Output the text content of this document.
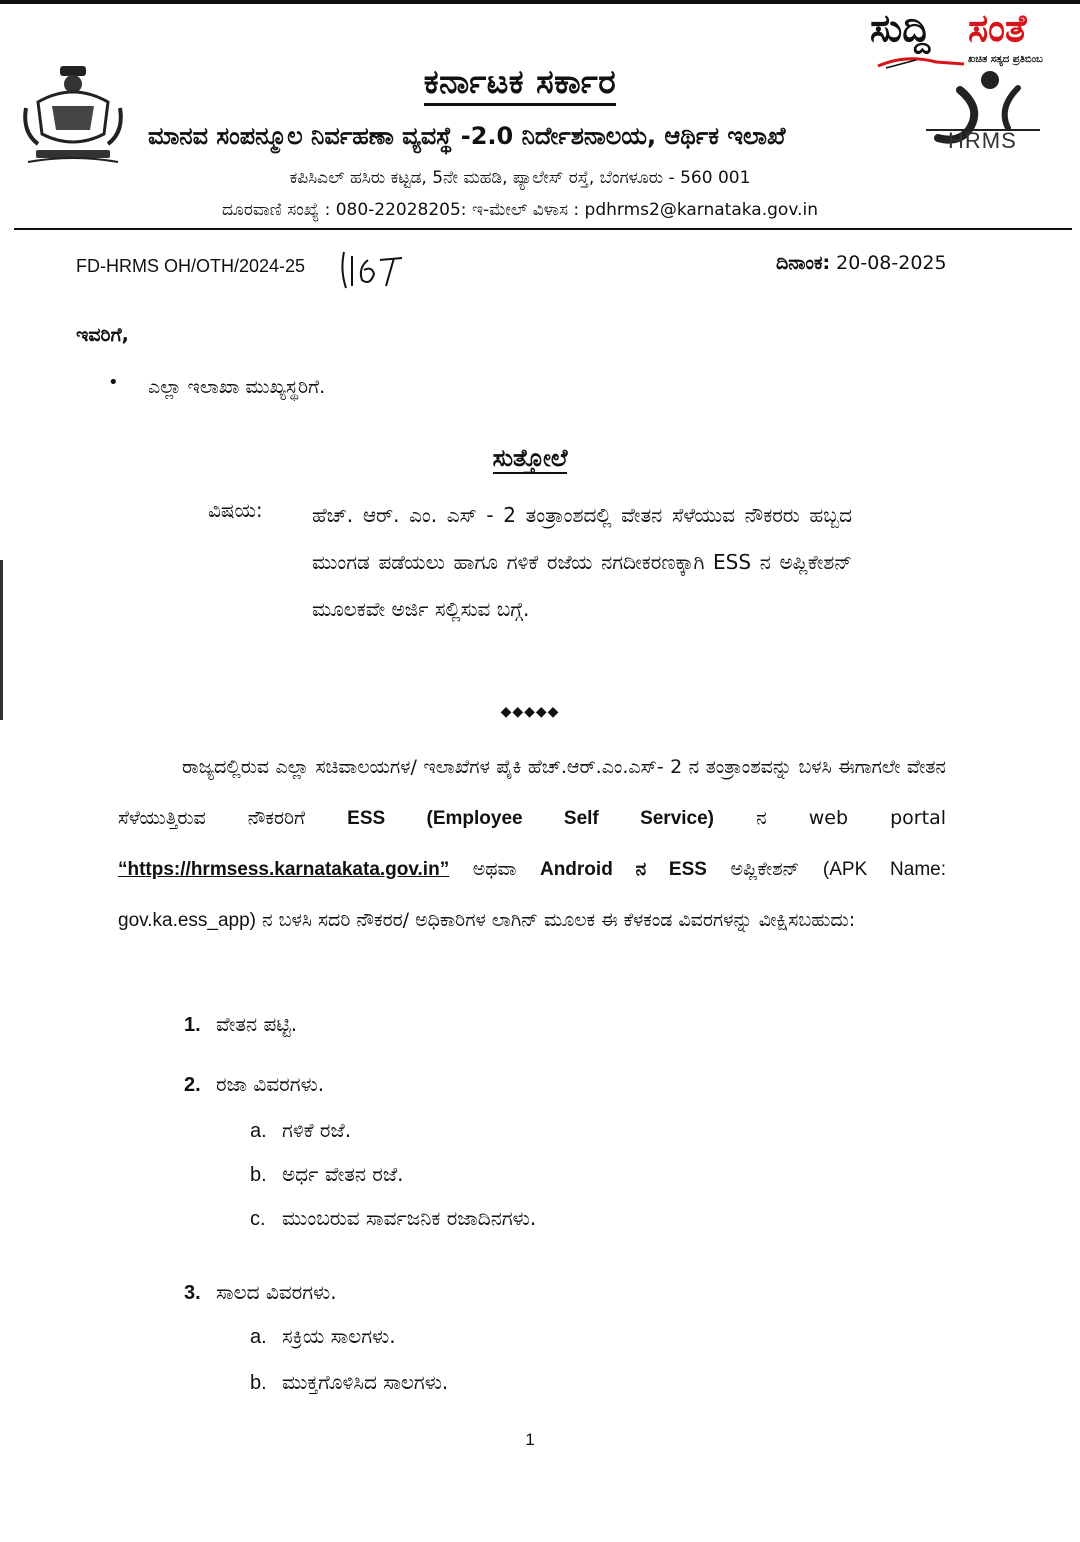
ಸುದ್ದಿ ಸಂತೆ
ಖಚಿತ ಸತ್ಯದ ಪ್ರತಿಬಿಂಬ
ಕರ್ನಾಟಕ ಸರ್ಕಾರ
ಮಾನವ ಸಂಪನ್ಮೂಲ ನಿರ್ವಹಣಾ ವ್ಯವಸ್ಥೆ -2.0 ನಿರ್ದೇಶನಾಲಯ, ಆರ್ಥಿಕ ಇಲಾಖೆ	HRMS
ಕಪಿಸಿಎಲ್ ಹಸಿರು ಕಟ್ಟಡ, 5ನೇ ಮಹಡಿ, ಪ್ಯಾಲೇಸ್ ರಸ್ತೆ, ಬೆಂಗಳೂರು - 560 001
ದೂರವಾಣಿ ಸಂಖ್ಯೆ : 080-22028205: ಇ-ಮೇಲ್ ವಿಳಾಸ : pdhrms2@karnataka.gov.in
FD-HRMS OH/OTH/2024-25	ದಿನಾಂಕ: 20-08-2025
ಇವರಿಗೆ,
• ಎಲ್ಲಾ ಇಲಾಖಾ ಮುಖ್ಯಸ್ಥರಿಗೆ.
ಸುತ್ತೋಲೆ
ವಿಷಯ: ಹೆಚ್. ಆರ್. ಎಂ. ಎಸ್ - 2 ತಂತ್ರಾಂಶದಲ್ಲಿ ವೇತನ ಸೆಳೆಯುವ ನೌಕರರು ಹಬ್ಬದ ಮುಂಗಡ ಪಡೆಯಲು ಹಾಗೂ ಗಳಿಕೆ ರಜೆಯ ನಗದೀಕರಣಕ್ಕಾಗಿ ESS ನ ಅಪ್ಲಿಕೇಶನ್ ಮೂಲಕವೇ ಅರ್ಜಿ ಸಲ್ಲಿಸುವ ಬಗ್ಗೆ.
◆◆◆◆◆
ರಾಜ್ಯದಲ್ಲಿರುವ ಎಲ್ಲಾ ಸಚಿವಾಲಯಗಳ/ ಇಲಾಖೆಗಳ ಪೈಕಿ ಹೆಚ್.ಆರ್.ಎಂ.ಎಸ್- 2 ನ ತಂತ್ರಾಂಶವನ್ನು ಬಳಸಿ ಈಗಾಗಲೇ ವೇತನ ಸೆಳೆಯುತ್ತಿರುವ ನೌಕರರಿಗೆ ESS (Employee Self Service) ನ web portal “https://hrmsess.karnatakata.gov.in” ಅಥವಾ Android ನ ESS ಅಪ್ಲಿಕೇಶನ್ (APK Name: gov.ka.ess_app) ನ ಬಳಸಿ ಸದರಿ ನೌಕರರ/ ಅಧಿಕಾರಿಗಳ ಲಾಗಿನ್ ಮೂಲಕ ಈ ಕೆಳಕಂಡ ವಿವರಗಳನ್ನು ವೀಕ್ಷಿಸಬಹುದು:
1. ವೇತನ ಪಟ್ಟಿ.
2. ರಜಾ ವಿವರಗಳು.
a. ಗಳಿಕೆ ರಜೆ.
b. ಅರ್ಧ ವೇತನ ರಜೆ.
c. ಮುಂಬರುವ ಸಾರ್ವಜನಿಕ ರಜಾದಿನಗಳು.
3. ಸಾಲದ ವಿವರಗಳು.
a. ಸಕ್ರಿಯ ಸಾಲಗಳು.
b. ಮುಕ್ತಗೊಳಿಸಿದ ಸಾಲಗಳು.
1
